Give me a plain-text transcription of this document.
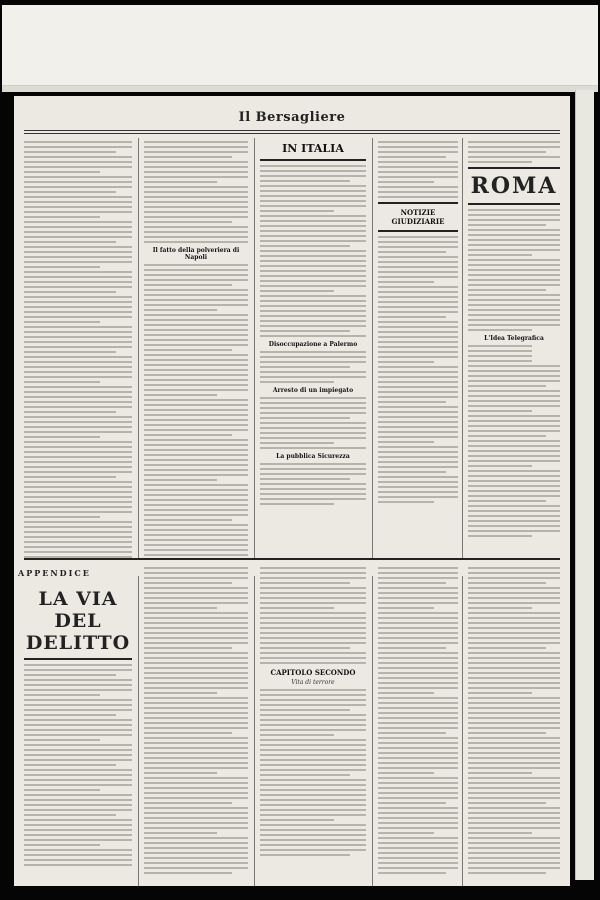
Il Bersagliere
Il fatto della polveriera di Napoli
IN ITALIA
Disoccupazione a Palermo
Arresto di un impiegato
La pubblica Sicurezza
NOTIZIE GIUDIZIARIE
ROMA
L'Idea Telegrafica
APPENDICE
LA VIA DEL DELITTO
CAPITOLO SECONDO
Vita di terrore
